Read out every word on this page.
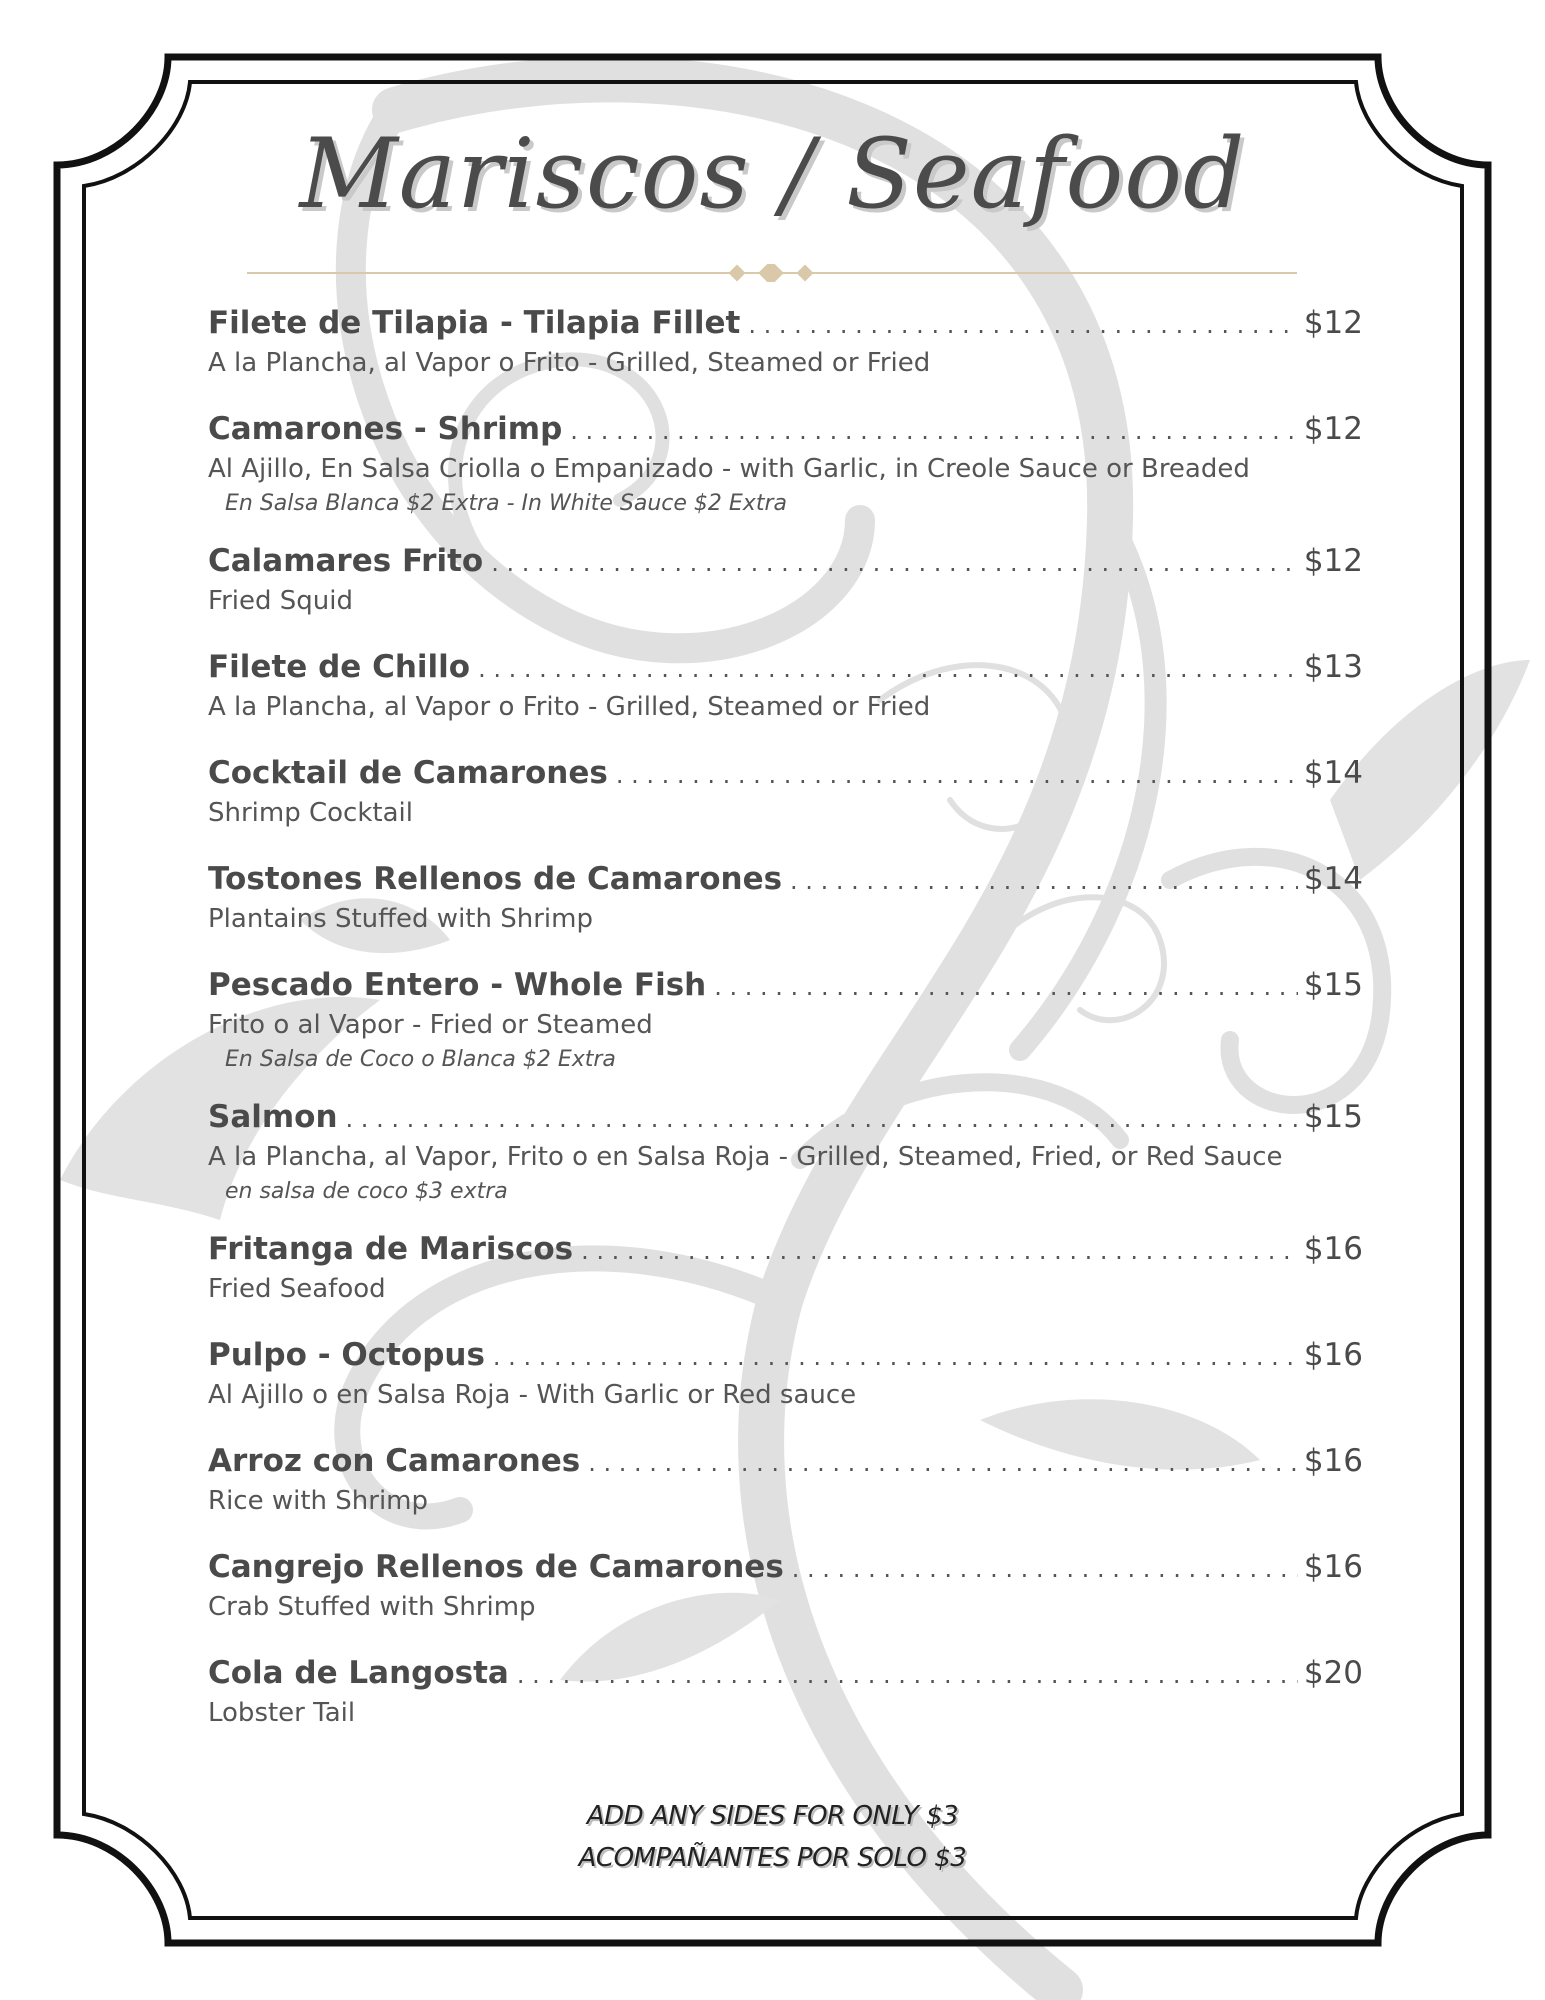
Mariscos / Seafood
Filete de Tilapia - Tilapia Fillet . . .	$12
A la Plancha, al Vapor o Frito - Grilled, Steamed or Fried
Camarones - Shrimp . . .	$12
Al Ajillo, En Salsa Criolla o Empanizado - with Garlic, in Creole Sauce or Breaded
En Salsa Blanca $2 Extra - In White Sauce $2 Extra
Calamares Frito . . .	$12
Fried Squid
Filete de Chillo . . .	$13
A la Plancha, al Vapor o Frito - Grilled, Steamed or Fried
Cocktail de Camarones . . .	$14
Shrimp Cocktail
Tostones Rellenos de Camarones . . .	$14
Plantains Stuffed with Shrimp
Pescado Entero - Whole Fish . . .	$15
Frito o al Vapor - Fried or Steamed
En Salsa de Coco o Blanca $2 Extra
Salmon . . .	$15
A la Plancha, al Vapor, Frito o en Salsa Roja - Grilled, Steamed, Fried, or Red Sauce
en salsa de coco $3 extra
Fritanga de Mariscos . . .	$16
Fried Seafood
Pulpo - Octopus . . .	$16
Al Ajillo o en Salsa Roja - With Garlic or Red sauce
Arroz con Camarones . . .	$16
Rice with Shrimp
Cangrejo Rellenos de Camarones . . .	$16
Crab Stuffed with Shrimp
Cola de Langosta . . .	$20
Lobster Tail
ADD ANY SIDES FOR ONLY $3
ACOMPAÑANTES POR SOLO $3
